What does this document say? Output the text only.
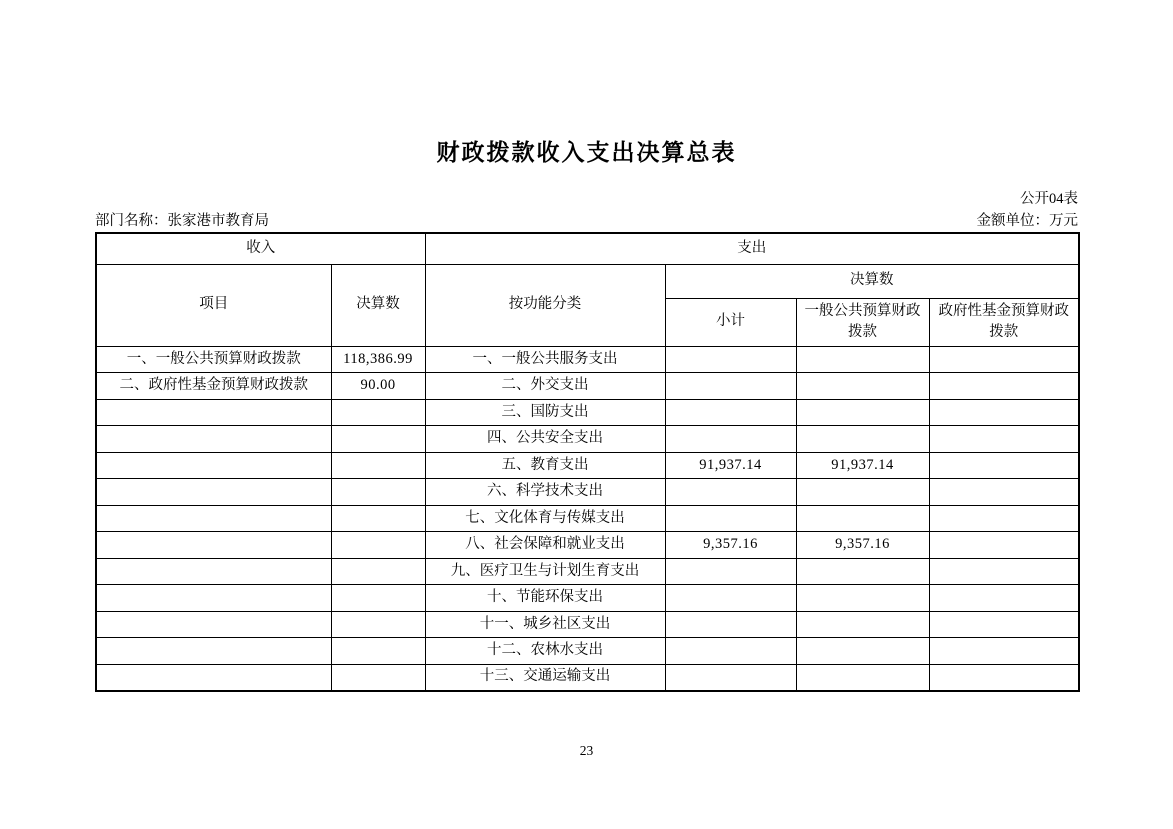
财政拨款收入支出决算总表
公开04表
部门名称：张家港市教育局	金额单位：万元
收入		支出			
项目	决算数	按功能分类	决算数		
			小计	一般公共预算财政拨款	政府性基金预算财政拨款
一、一般公共预算财政拨款	118,386.99	一、一般公共服务支出			
二、政府性基金预算财政拨款	90.00	二、外交支出			
		三、国防支出			
		四、公共安全支出			
		五、教育支出	91,937.14	91,937.14	
		六、科学技术支出			
		七、文化体育与传媒支出			
		八、社会保障和就业支出	9,357.16	9,357.16	
		九、医疗卫生与计划生育支出			
		十、节能环保支出			
		十一、城乡社区支出			
		十二、农林水支出			
		十三、交通运输支出			
23
